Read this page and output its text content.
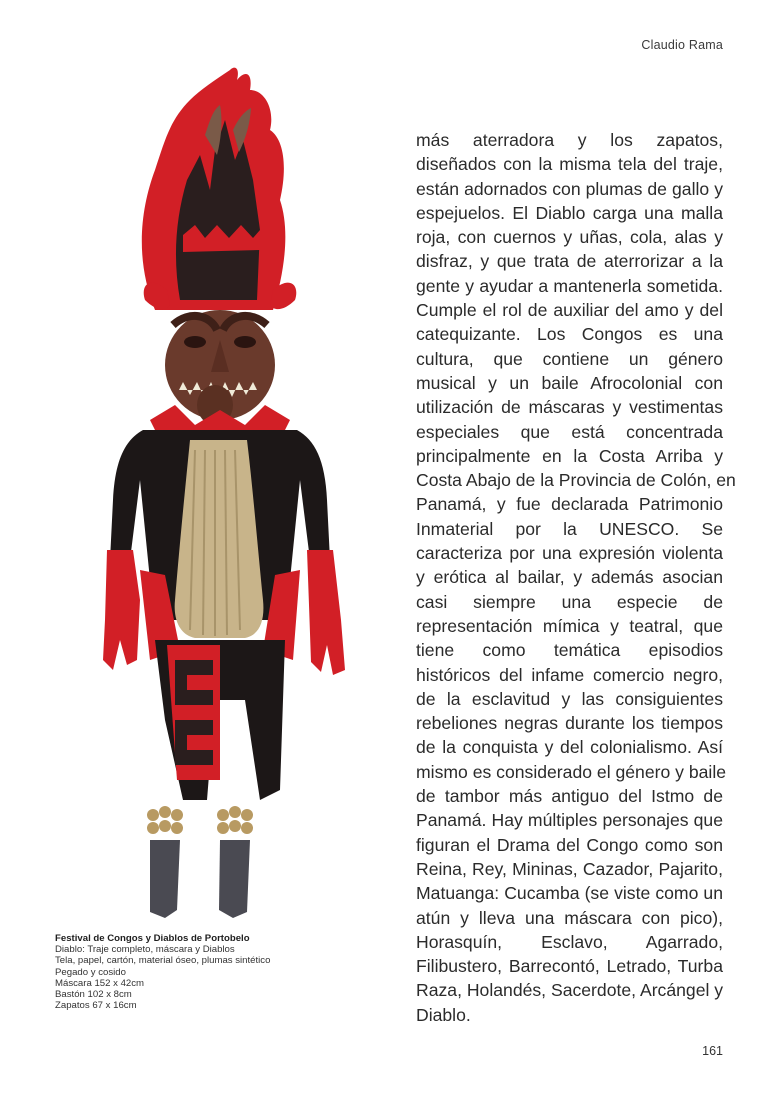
Claudio Rama
Festival de Congos y Diablos de Portobelo
Diablo: Traje completo, máscara y Diablos
Tela, papel, cartón, material óseo, plumas sintético
Pegado y cosido
Máscara 152 x 42cm
Bastón 102 x 8cm
Zapatos 67 x 16cm
más aterradora y los zapatos,
diseñados con la misma tela del traje,
están adornados con plumas de gallo y
espejuelos. El Diablo carga una malla
roja, con cuernos y uñas, cola, alas y
disfraz, y que trata de aterrorizar a la
gente y ayudar a mantenerla sometida.
Cumple el rol de auxiliar del amo y del
catequizante. Los Congos es una
cultura, que contiene un género
musical y un baile Afrocolonial con
utilización de máscaras y vestimentas
especiales que está concentrada
principalmente en la Costa Arriba y
Costa Abajo de la Provincia de Colón, en
Panamá, y fue declarada Patrimonio
Inmaterial por la UNESCO. Se
caracteriza por una expresión violenta
y erótica al bailar, y además asocian
casi siempre una especie de
representación mímica y teatral, que
tiene como temática episodios
históricos del infame comercio negro,
de la esclavitud y las consiguientes
rebeliones negras durante los tiempos
de la conquista y del colonialismo. Así
mismo es considerado el género y baile
de tambor más antiguo del Istmo de
Panamá. Hay múltiples personajes que
figuran el Drama del Congo como son
Reina, Rey, Mininas, Cazador, Pajarito,
Matuanga: Cucamba (se viste como un
atún y lleva una máscara con pico),
Horasquín, Esclavo, Agarrado,
Filibustero, Barrecontó, Letrado, Turba
Raza, Holandés, Sacerdote, Arcángel y
Diablo.
161
